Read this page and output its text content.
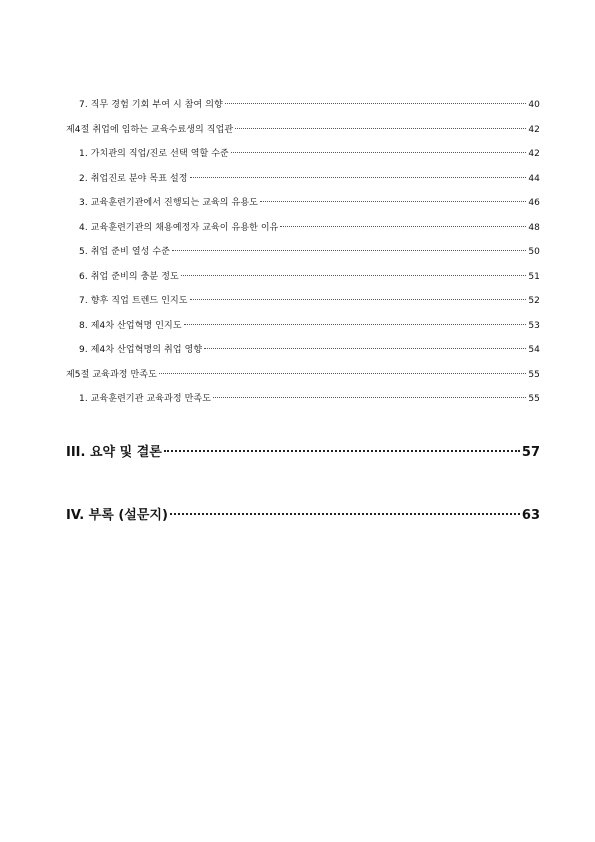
7. 직무 경험 기회 부여 시 참여 의향	40
제4절 취업에 임하는 교육수료생의 직업관	42
1. 가치관의 직업/진로 선택 역할 수준	42
2. 취업진로 분야 목표 설정	44
3. 교육훈련기관에서 진행되는 교육의 유용도	46
4. 교육훈련기관의 채용예정자 교육이 유용한 이유	48
5. 취업 준비 열성 수준	50
6. 취업 준비의 충분 정도	51
7. 향후 직업 트렌드 인지도	52
8. 제4차 산업혁명 인지도	53
9. 제4차 산업혁명의 취업 영향	54
제5절 교육과정 만족도	55
1. 교육훈련기관 교육과정 만족도	55
III. 요약 및 결론	57
IV. 부록 (설문지)	63
